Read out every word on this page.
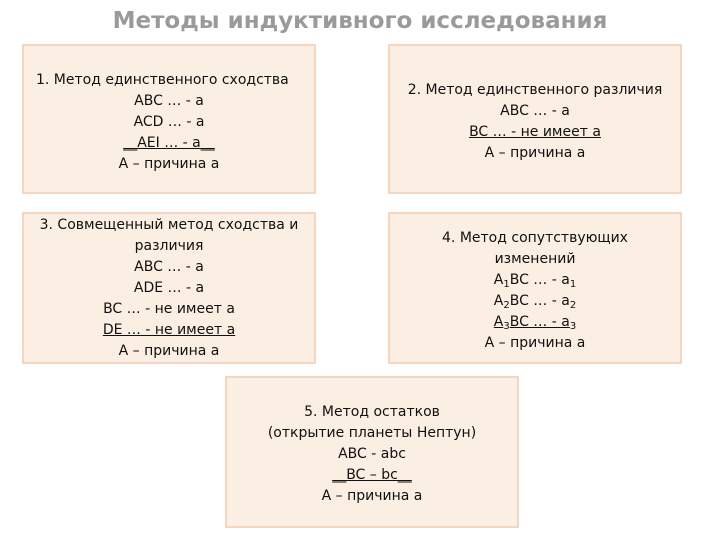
Методы индуктивного исследования
1. Метод единственного сходства
ABC … - a
ACD … - a
__AEI … - a__
A – причина a
2. Метод единственного различия
ABC … - a
BC … - не имеет a
A – причина a
3. Совмещенный метод сходства и
различия
ABC … - a
ADE … - a
BC … - не имеет a
DE … - не имеет a
A – причина a
4. Метод сопутствующих
изменений
$A_1BC$ … - $a_1$
$A_2BC$ … - $a_2$
$A_3BC$ … - $a_3$
A – причина a
5. Метод остатков
(открытие планеты Нептун)
ABC - abc
__BC – bc__
A – причина a
